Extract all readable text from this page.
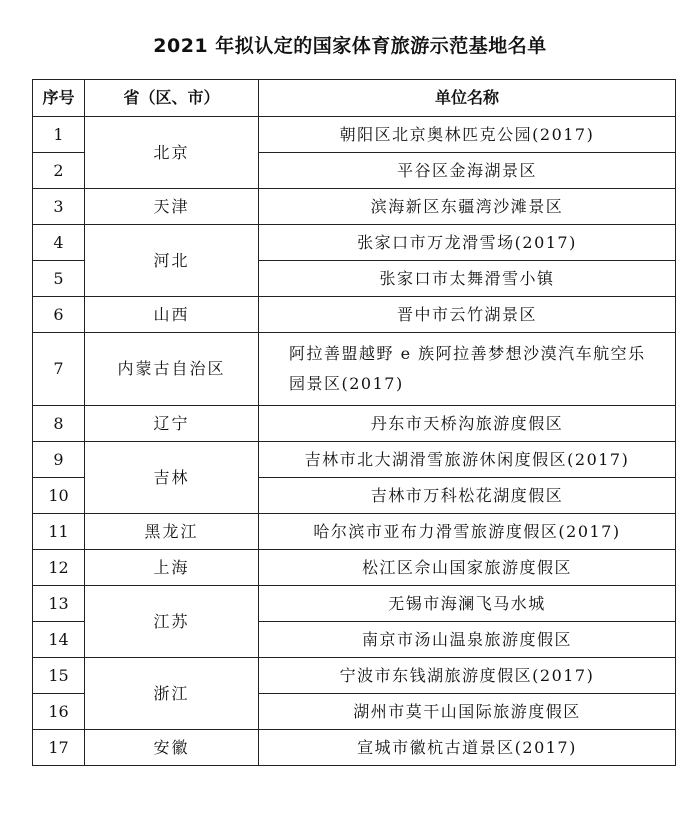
2021 年拟认定的国家体育旅游示范基地名单
序号	省（区、市）	单位名称
1	北京	朝阳区北京奥林匹克公园(2017)
2		平谷区金海湖景区
3	天津	滨海新区东疆湾沙滩景区
4	河北	张家口市万龙滑雪场(2017)
5		张家口市太舞滑雪小镇
6	山西	晋中市云竹湖景区
7	内蒙古自治区	阿拉善盟越野 e 族阿拉善梦想沙漠汽车航空乐园景区(2017)
8	辽宁	丹东市天桥沟旅游度假区
9	吉林	吉林市北大湖滑雪旅游休闲度假区(2017)
10		吉林市万科松花湖度假区
11	黑龙江	哈尔滨市亚布力滑雪旅游度假区(2017)
12	上海	松江区佘山国家旅游度假区
13	江苏	无锡市海澜飞马水城
14		南京市汤山温泉旅游度假区
15	浙江	宁波市东钱湖旅游度假区(2017)
16		湖州市莫干山国际旅游度假区
17	安徽	宣城市徽杭古道景区(2017)
